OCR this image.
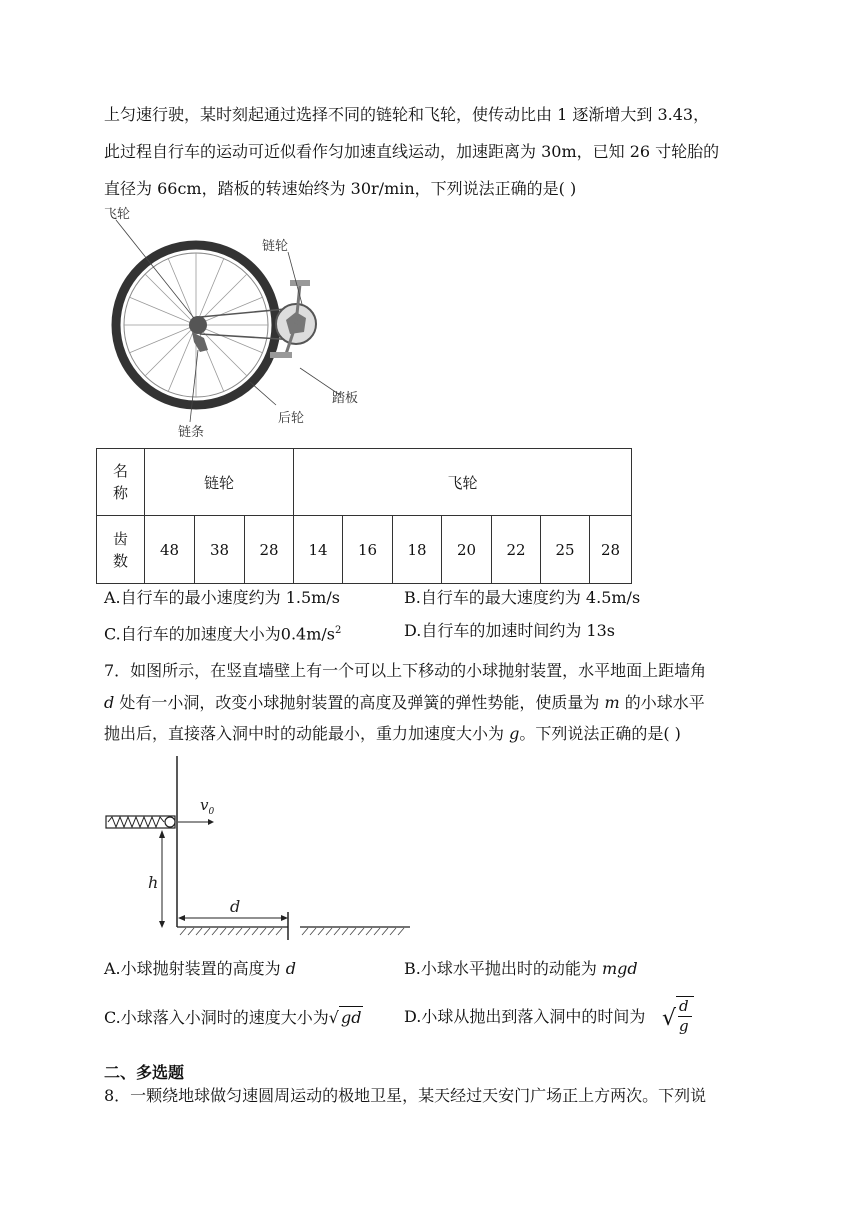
上匀速行驶，某时刻起通过选择不同的链轮和飞轮，使传动比由 1 逐渐增大到 3.43，
此过程自行车的运动可近似看作匀加速直线运动，加速距离为 30m，已知 26 寸轮胎的
直径为 66cm，踏板的转速始终为 30r/min，下列说法正确的是( )
飞轮
链轮
踏板
后轮
链条
名称	链轮			飞轮						
齿数	48	38	28	14	16	18	20	22	25	28
A.自行车的最小速度约为 1.5m/s	B.自行车的最大速度约为 4.5m/s
C.自行车的加速度大小为$0.4m/s^2$	D.自行车的加速时间约为 13s
7．如图所示，在竖直墙壁上有一个可以上下移动的小球抛射装置，水平地面上距墙角
d 处有一小洞，改变小球抛射装置的高度及弹簧的弹性势能，使质量为 m 的小球水平
抛出后，直接落入洞中时的动能最小，重力加速度大小为 g。下列说法正确的是( )
$v_0$
h
d
A.小球抛射装置的高度为 d	B.小球水平抛出时的动能为 mgd
C.小球落入小洞时的速度大小为√ gd	D.小球从抛出到落入洞中的时间为 √ d
g
二、多选题
8．一颗绕地球做匀速圆周运动的极地卫星，某天经过天安门广场正上方两次。下列说
